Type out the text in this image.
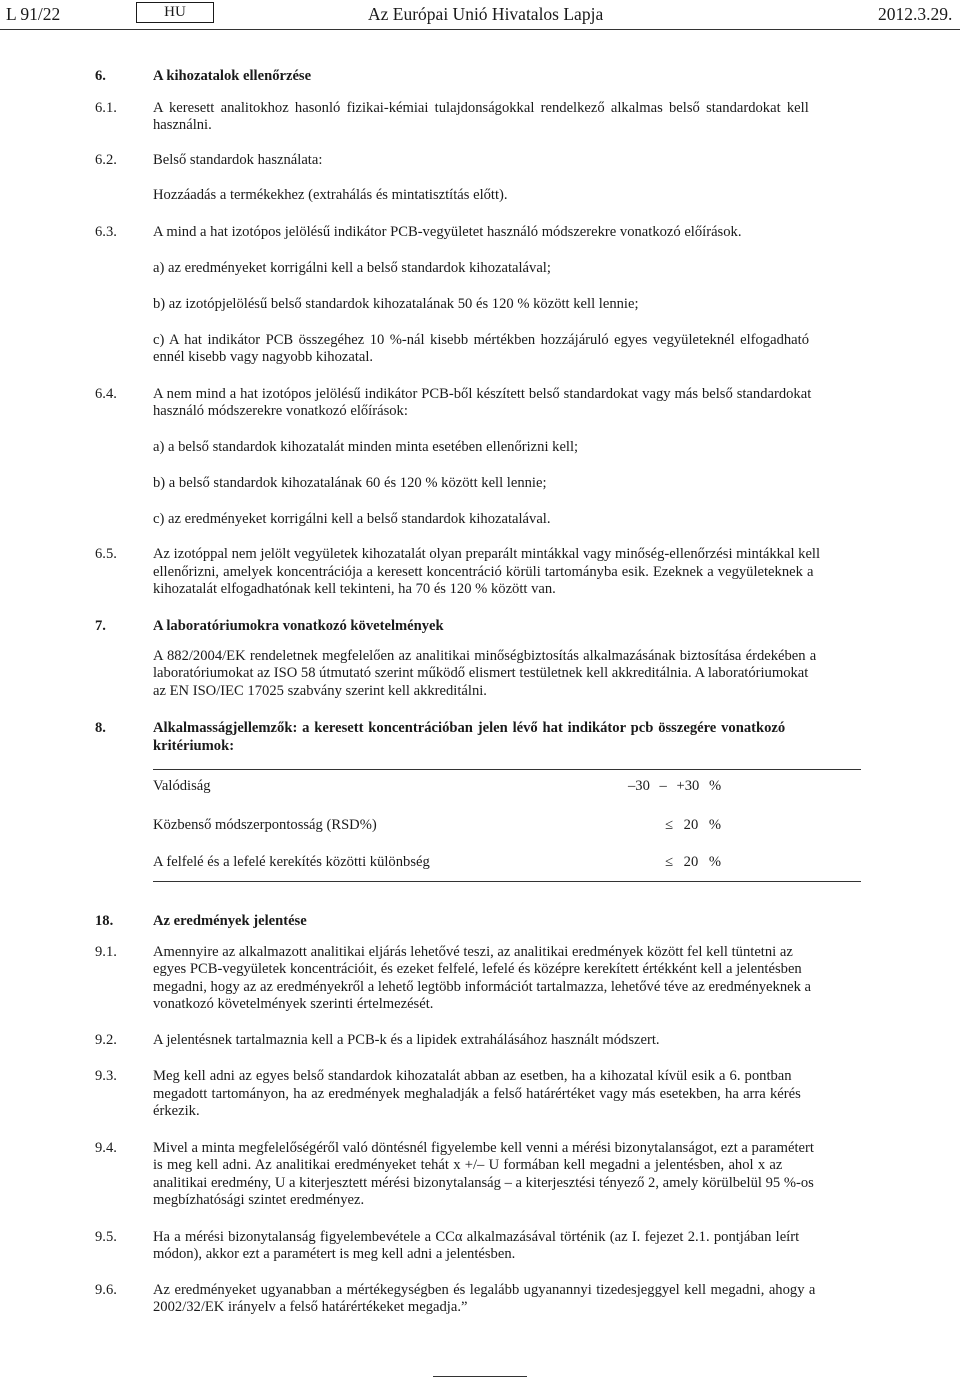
L 91/22	HU	Az Európai Unió Hivatalos Lapja	2012.3.29.
6.	A kihozatalok ellenőrzése
6.1. A keresett analitokhoz hasonló fizikai-kémiai tulajdonságokkal rendelkező alkalmas belső standardokat kell
használni.
6.2. Belső standardok használata:
Hozzáadás a termékekhez (extrahálás és mintatisztítás előtt).
6.3. A mind a hat izotópos jelölésű indikátor PCB-vegyületet használó módszerekre vonatkozó előírások.
a) az eredményeket korrigálni kell a belső standardok kihozatalával;
b) az izotópjelölésű belső standardok kihozatalának 50 és 120 % között kell lennie;
c) A hat indikátor PCB összegéhez 10 %-nál kisebb mértékben hozzájáruló egyes vegyületeknél elfogadható
ennél kisebb vagy nagyobb kihozatal.
6.4. A nem mind a hat izotópos jelölésű indikátor PCB-ből készített belső standardokat vagy más belső standardokat
használó módszerekre vonatkozó előírások:
a) a belső standardok kihozatalát minden minta esetében ellenőrizni kell;
b) a belső standardok kihozatalának 60 és 120 % között kell lennie;
c) az eredményeket korrigálni kell a belső standardok kihozatalával.
6.5. Az izotóppal nem jelölt vegyületek kihozatalát olyan preparált mintákkal vagy minőség-ellenőrzési mintákkal kell
ellenőrizni, amelyek koncentrációja a keresett koncentráció körüli tartományba esik. Ezeknek a vegyületeknek a
kihozatalát elfogadhatónak kell tekinteni, ha 70 és 120 % között van.
7.	A laboratóriumokra vonatkozó követelmények
A 882/2004/EK rendeletnek megfelelően az analitikai minőségbiztosítás alkalmazásának biztosítása érdekében a
laboratóriumokat az ISO 58 útmutató szerint működő elismert testületnek kell akkreditálnia. A laboratóriumokat
az EN ISO/IEC 17025 szabvány szerint kell akkreditálni.
8.	Alkalmasságjellemzők: a keresett koncentrációban jelen lévő hat indikátor pcb összegére vonatkozó
kritériumok:
Valódiság	–30 – +30 %
Közbenső módszerpontosság (RSD%)	≤ 20 %
A felfelé és a lefelé kerekítés közötti különbség	≤ 20 %
18.	Az eredmények jelentése
9.1. Amennyire az alkalmazott analitikai eljárás lehetővé teszi, az analitikai eredmények között fel kell tüntetni az
egyes PCB-vegyületek koncentrációit, és ezeket felfelé, lefelé és középre kerekített értékként kell a jelentésben
megadni, hogy az az eredményekről a lehető legtöbb információt tartalmazza, lehetővé téve az eredményeknek a
vonatkozó követelmények szerinti értelmezését.
9.2. A jelentésnek tartalmaznia kell a PCB-k és a lipidek extrahálásához használt módszert.
9.3. Meg kell adni az egyes belső standardok kihozatalát abban az esetben, ha a kihozatal kívül esik a 6. pontban
megadott tartományon, ha az eredmények meghaladják a felső határértéket vagy más esetekben, ha arra kérés
érkezik.
9.4. Mivel a minta megfelelőségéről való döntésnél figyelembe kell venni a mérési bizonytalanságot, ezt a paramétert
is meg kell adni. Az analitikai eredményeket tehát x +/– U formában kell megadni a jelentésben, ahol x az
analitikai eredmény, U a kiterjesztett mérési bizonytalanság – a kiterjesztési tényező 2, amely körülbelül 95 %-os
megbízhatósági szintet eredményez.
9.5. Ha a mérési bizonytalanság figyelembevétele a CCα alkalmazásával történik (az I. fejezet 2.1. pontjában leírt
módon), akkor ezt a paramétert is meg kell adni a jelentésben.
9.6. Az eredményeket ugyanabban a mértékegységben és legalább ugyanannyi tizedesjeggyel kell megadni, ahogy a
2002/32/EK irányelv a felső határértékeket megadja.”
